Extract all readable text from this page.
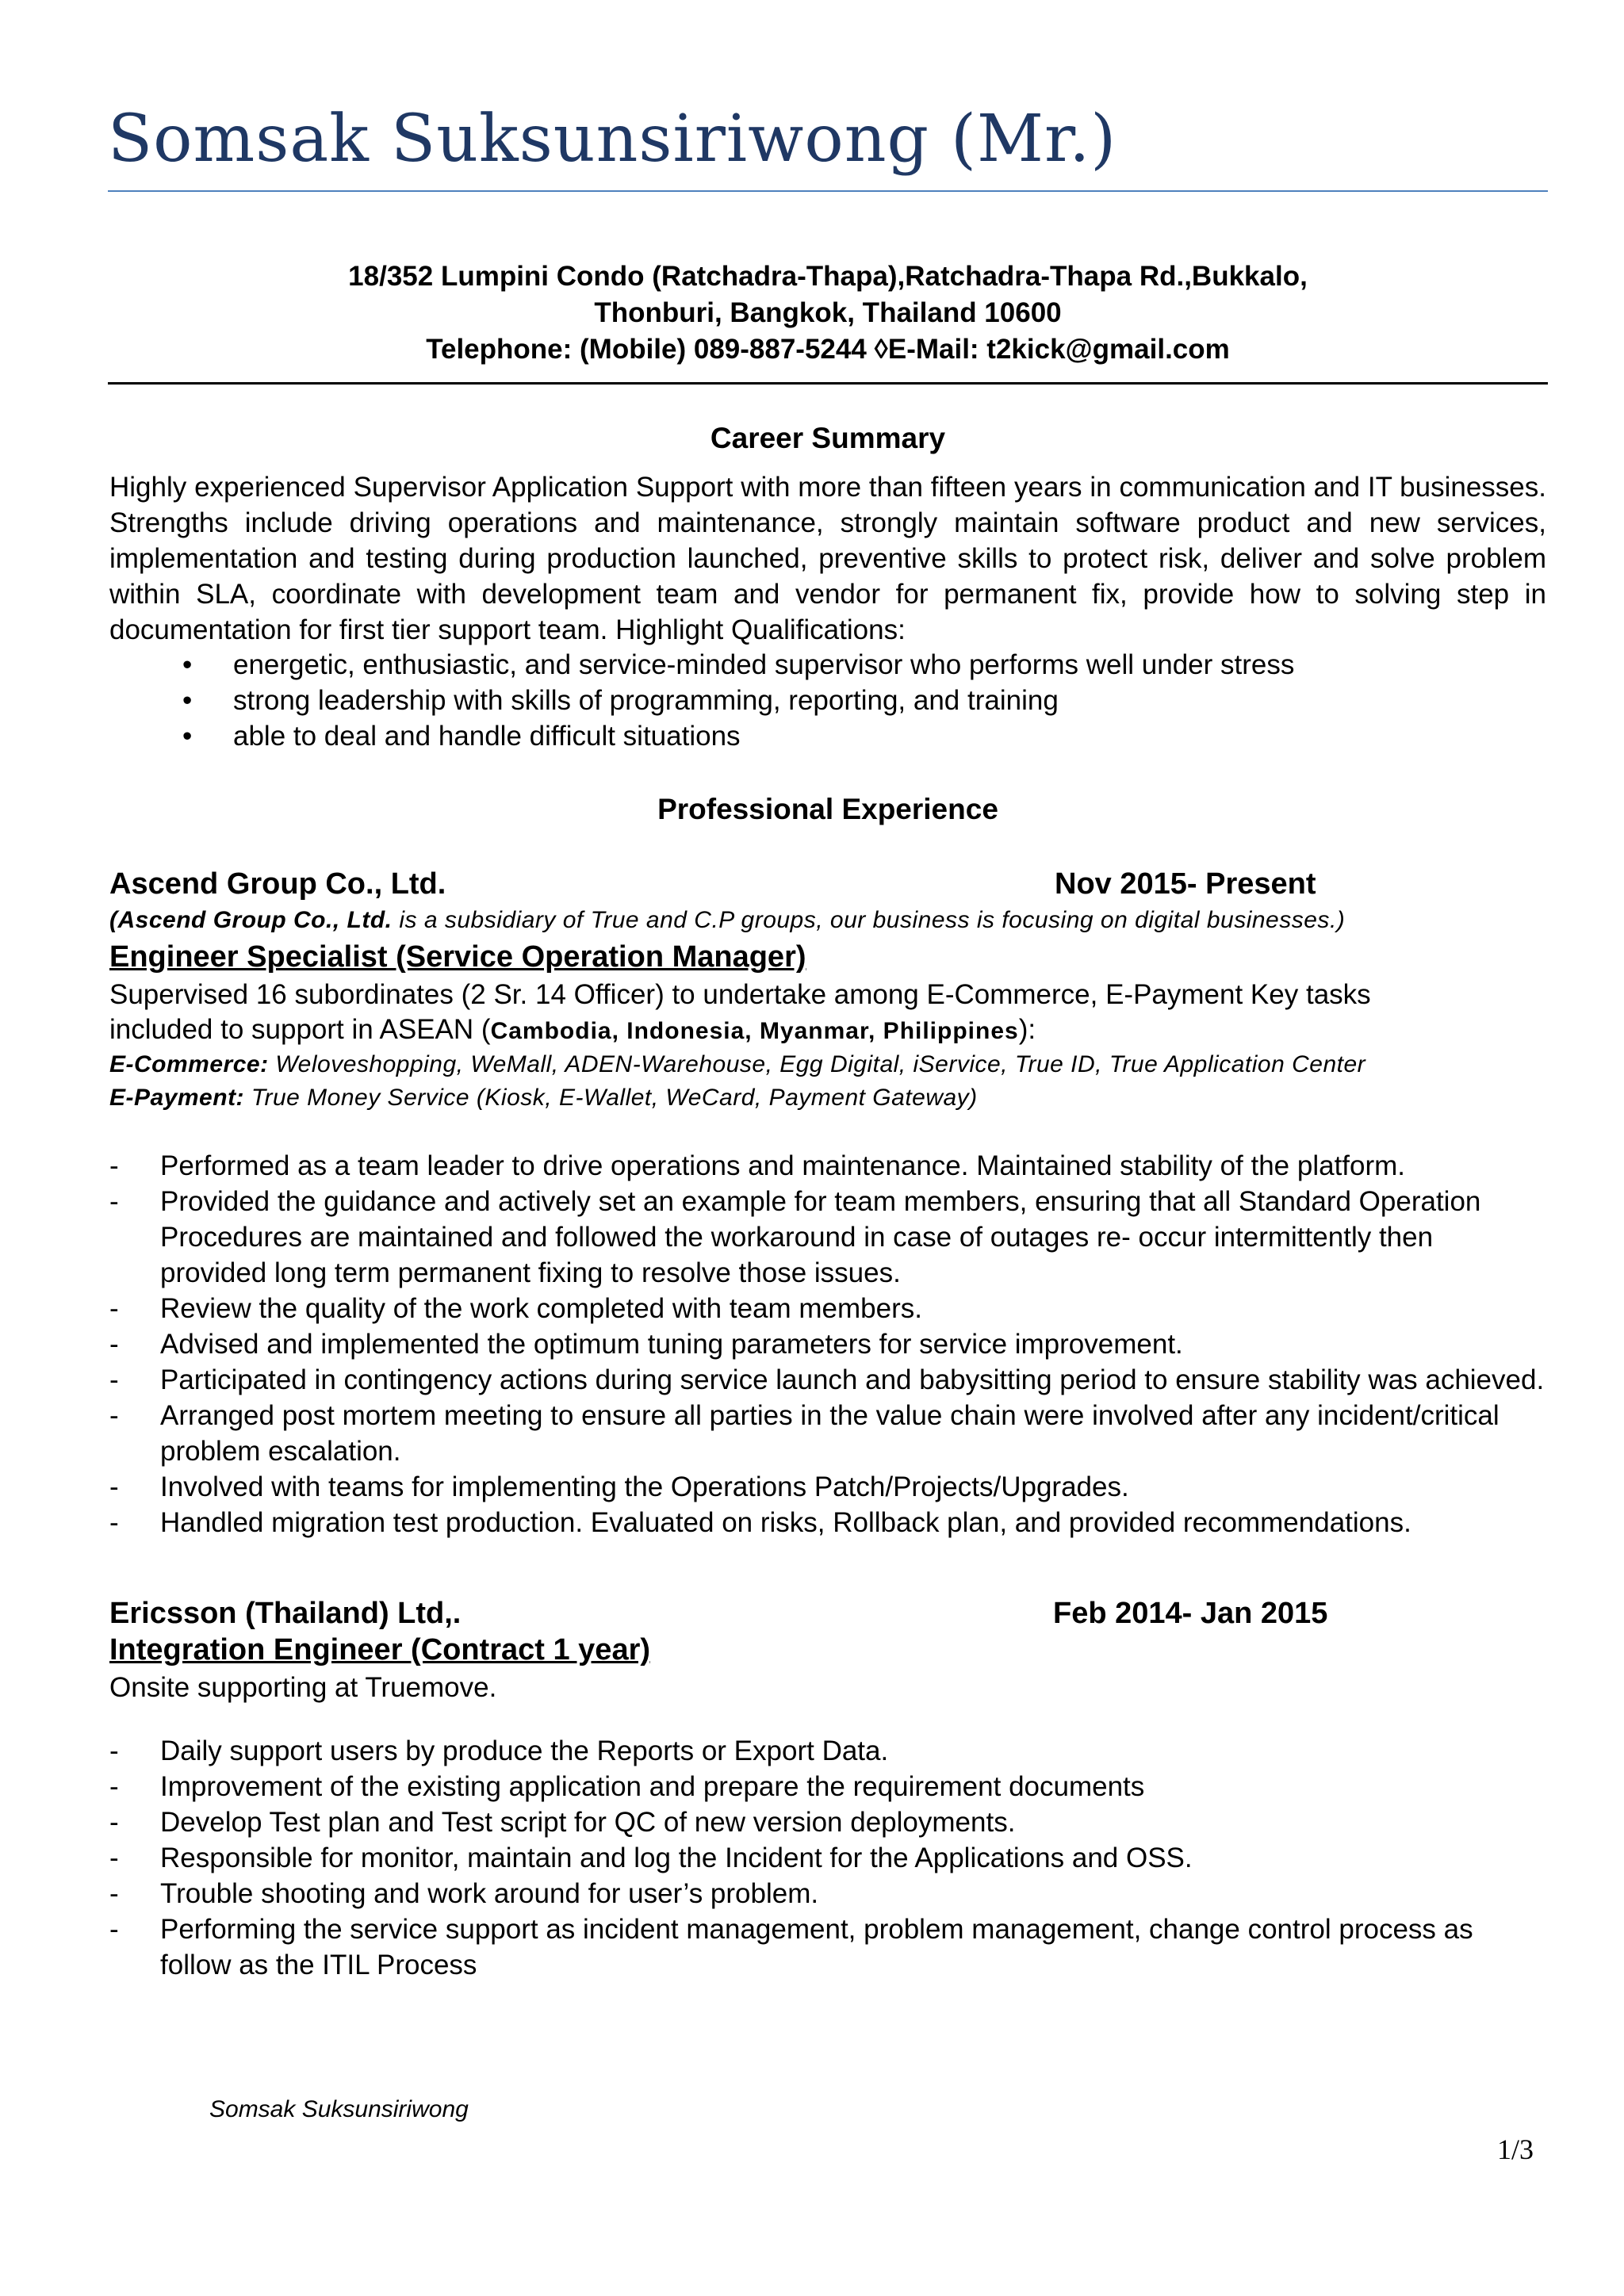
Somsak Suksunsiriwong (Mr.)
18/352 Lumpini Condo (Ratchadra-Thapa),Ratchadra-Thapa Rd.,Bukkalo,
Thonburi, Bangkok, Thailand 10600
Telephone: (Mobile) 089-887-5244 ◊E-Mail: t2kick@gmail.com
Career Summary
Highly experienced Supervisor Application Support with more than fifteen years in communication and IT businesses. Strengths include driving operations and maintenance, strongly maintain software product and new services, implementation and testing during production launched, preventive skills to protect risk, deliver and solve problem within SLA, coordinate with development team and vendor for permanent fix, provide how to solving step in documentation for first tier support team. Highlight Qualifications:
• energetic, enthusiastic, and service-minded supervisor who performs well under stress
• strong leadership with skills of programming, reporting, and training
• able to deal and handle difficult situations
Professional Experience
Ascend Group Co., Ltd.	Nov 2015- Present
(Ascend Group Co., Ltd. is a subsidiary of True and C.P groups, our business is focusing on digital businesses.)
Engineer Specialist (Service Operation Manager)
Supervised 16 subordinates (2 Sr. 14 Officer) to undertake among E-Commerce, E-Payment Key tasks
included to support in ASEAN (Cambodia, Indonesia, Myanmar, Philippines):
E-Commerce: Weloveshopping, WeMall, ADEN-Warehouse, Egg Digital, iService, True ID, True Application Center
E-Payment: True Money Service (Kiosk, E-Wallet, WeCard, Payment Gateway)
- Performed as a team leader to drive operations and maintenance. Maintained stability of the platform.
- Provided the guidance and actively set an example for team members, ensuring that all Standard Operation Procedures are maintained and followed the workaround in case of outages re- occur intermittently then provided long term permanent fixing to resolve those issues.
- Review the quality of the work completed with team members.
- Advised and implemented the optimum tuning parameters for service improvement.
- Participated in contingency actions during service launch and babysitting period to ensure stability was achieved.
- Arranged post mortem meeting to ensure all parties in the value chain were involved after any incident/critical problem escalation.
- Involved with teams for implementing the Operations Patch/Projects/Upgrades.
- Handled migration test production. Evaluated on risks, Rollback plan, and provided recommendations.
Ericsson (Thailand) Ltd,.	Feb 2014- Jan 2015
Integration Engineer (Contract 1 year)
Onsite supporting at Truemove.
- Daily support users by produce the Reports or Export Data.
- Improvement of the existing application and prepare the requirement documents
- Develop Test plan and Test script for QC of new version deployments.
- Responsible for monitor, maintain and log the Incident for the Applications and OSS.
- Trouble shooting and work around for user’s problem.
- Performing the service support as incident management, problem management, change control process as follow as the ITIL Process
Somsak Suksunsiriwong
1/3
